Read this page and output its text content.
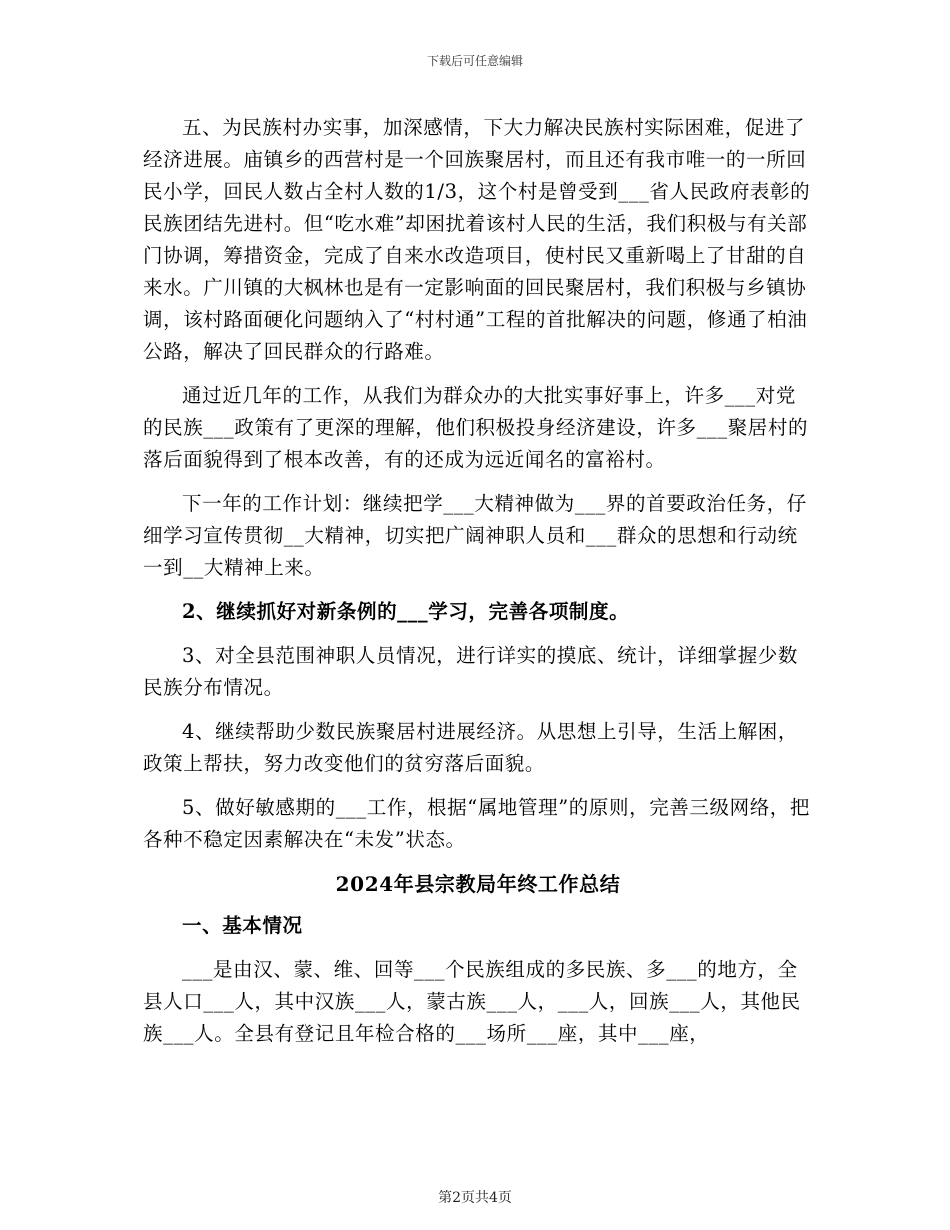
下载后可任意编辑

五、为民族村办实事，加深感情，下大力解决民族村实际困难，促进了经济进展。庙镇乡的西营村是一个回族聚居村，而且还有我市唯一的一所回民小学，回民人数占全村人数的1/3，这个村是曾受到___省人民政府表彰的民族团结先进村。但“吃水难”却困扰着该村人民的生活，我们积极与有关部门协调，筹措资金，完成了自来水改造项目，使村民又重新喝上了甘甜的自来水。广川镇的大枫林也是有一定影响面的回民聚居村，我们积极与乡镇协调，该村路面硬化问题纳入了“村村通”工程的首批解决的问题，修通了柏油公路，解决了回民群众的行路难。

通过近几年的工作，从我们为群众办的大批实事好事上，许多___对党的民族___政策有了更深的理解，他们积极投身经济建设，许多___聚居村的落后面貌得到了根本改善，有的还成为远近闻名的富裕村。

下一年的工作计划：继续把学___大精神做为___界的首要政治任务，仔细学习宣传贯彻__大精神，切实把广阔神职人员和___群众的思想和行动统一到__大精神上来。

2、继续抓好对新条例的___学习，完善各项制度。

3、对全县范围神职人员情况，进行详实的摸底、统计，详细掌握少数民族分布情况。

4、继续帮助少数民族聚居村进展经济。从思想上引导，生活上解困，政策上帮扶，努力改变他们的贫穷落后面貌。

5、做好敏感期的___工作，根据“属地管理”的原则，完善三级网络，把各种不稳定因素解决在“未发”状态。

2024年县宗教局年终工作总结

一、基本情况

___是由汉、蒙、维、回等___个民族组成的多民族、多___的地方，全县人口___人，其中汉族___人，蒙古族___人，___人，回族___人，其他民族___人。全县有登记且年检合格的___场所___座，其中___座，

第2页共4页
